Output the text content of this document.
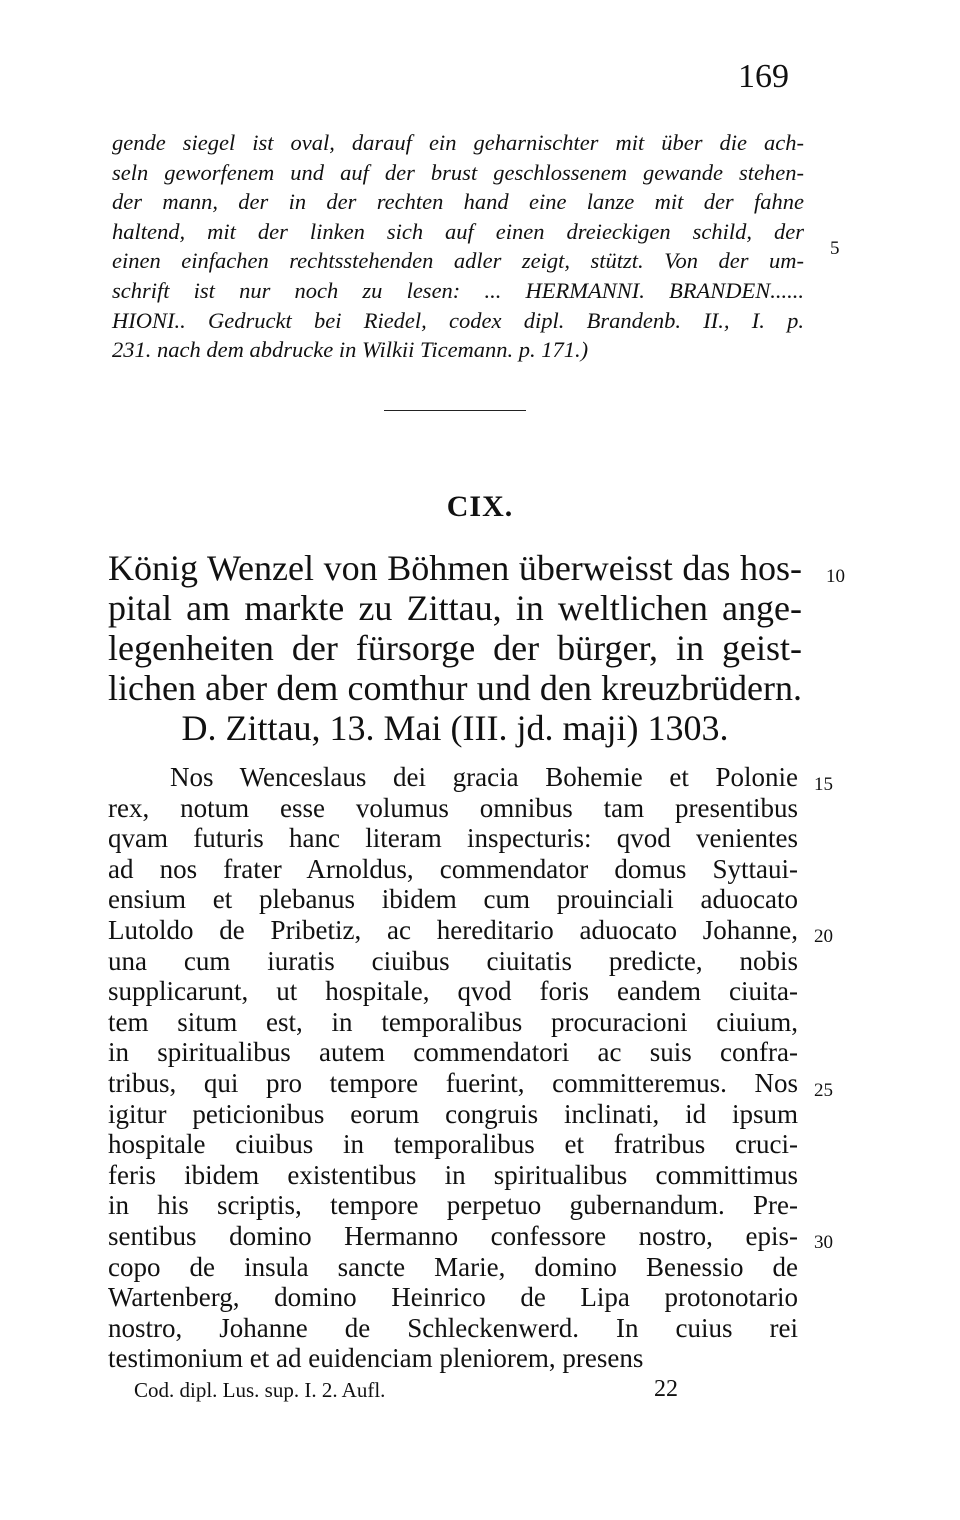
169
gende siegel ist oval, darauf ein geharnischter mit über die ach-
seln geworfenem und auf der brust geschlossenem gewande stehen-
der mann, der in der rechten hand eine lanze mit der fahne
haltend, mit der linken sich auf einen dreieckigen schild, der
einen einfachen rechtsstehenden adler zeigt, stützt. Von der um-
schrift ist nur noch zu lesen: ... HERMANNI. BRANDEN......
HIONI.. Gedruckt bei Riedel, codex dipl. Brandenb. II., I. p.
231. nach dem abdrucke in Wilkii Ticemann. p. 171.)
5
CIX.
König Wenzel von Böhmen überweisst das hos-
pital am markte zu Zittau, in weltlichen ange-
legenheiten der fürsorge der bürger, in geist-
lichen aber dem comthur und den kreuzbrüdern.
D. Zittau, 13. Mai (III. jd. maji) 1303.
10
Nos Wenceslaus dei gracia Bohemie et Polonie
rex, notum esse volumus omnibus tam presentibus
qvam futuris hanc literam inspecturis: qvod venientes
ad nos frater Arnoldus, commendator domus Syttaui-
ensium et plebanus ibidem cum prouinciali aduocato
Lutoldo de Pribetiz, ac hereditario aduocato Johanne,
una cum iuratis ciuibus ciuitatis predicte, nobis
supplicarunt, ut hospitale, qvod foris eandem ciuita-
tem situm est, in temporalibus procuracioni ciuium,
in spiritualibus autem commendatori ac suis confra-
tribus, qui pro tempore fuerint, committeremus. Nos
igitur peticionibus eorum congruis inclinati, id ipsum
hospitale ciuibus in temporalibus et fratribus cruci-
feris ibidem existentibus in spiritualibus committimus
in his scriptis, tempore perpetuo gubernandum. Pre-
sentibus domino Hermanno confessore nostro, epis-
copo de insula sancte Marie, domino Benessio de
Wartenberg, domino Heinrico de Lipa protonotario
nostro, Johanne de Schleckenwerd. In cuius rei
testimonium et ad euidenciam pleniorem, presens
15
20
25
30
Cod. dipl. Lus. sup. I. 2. Aufl.	22
